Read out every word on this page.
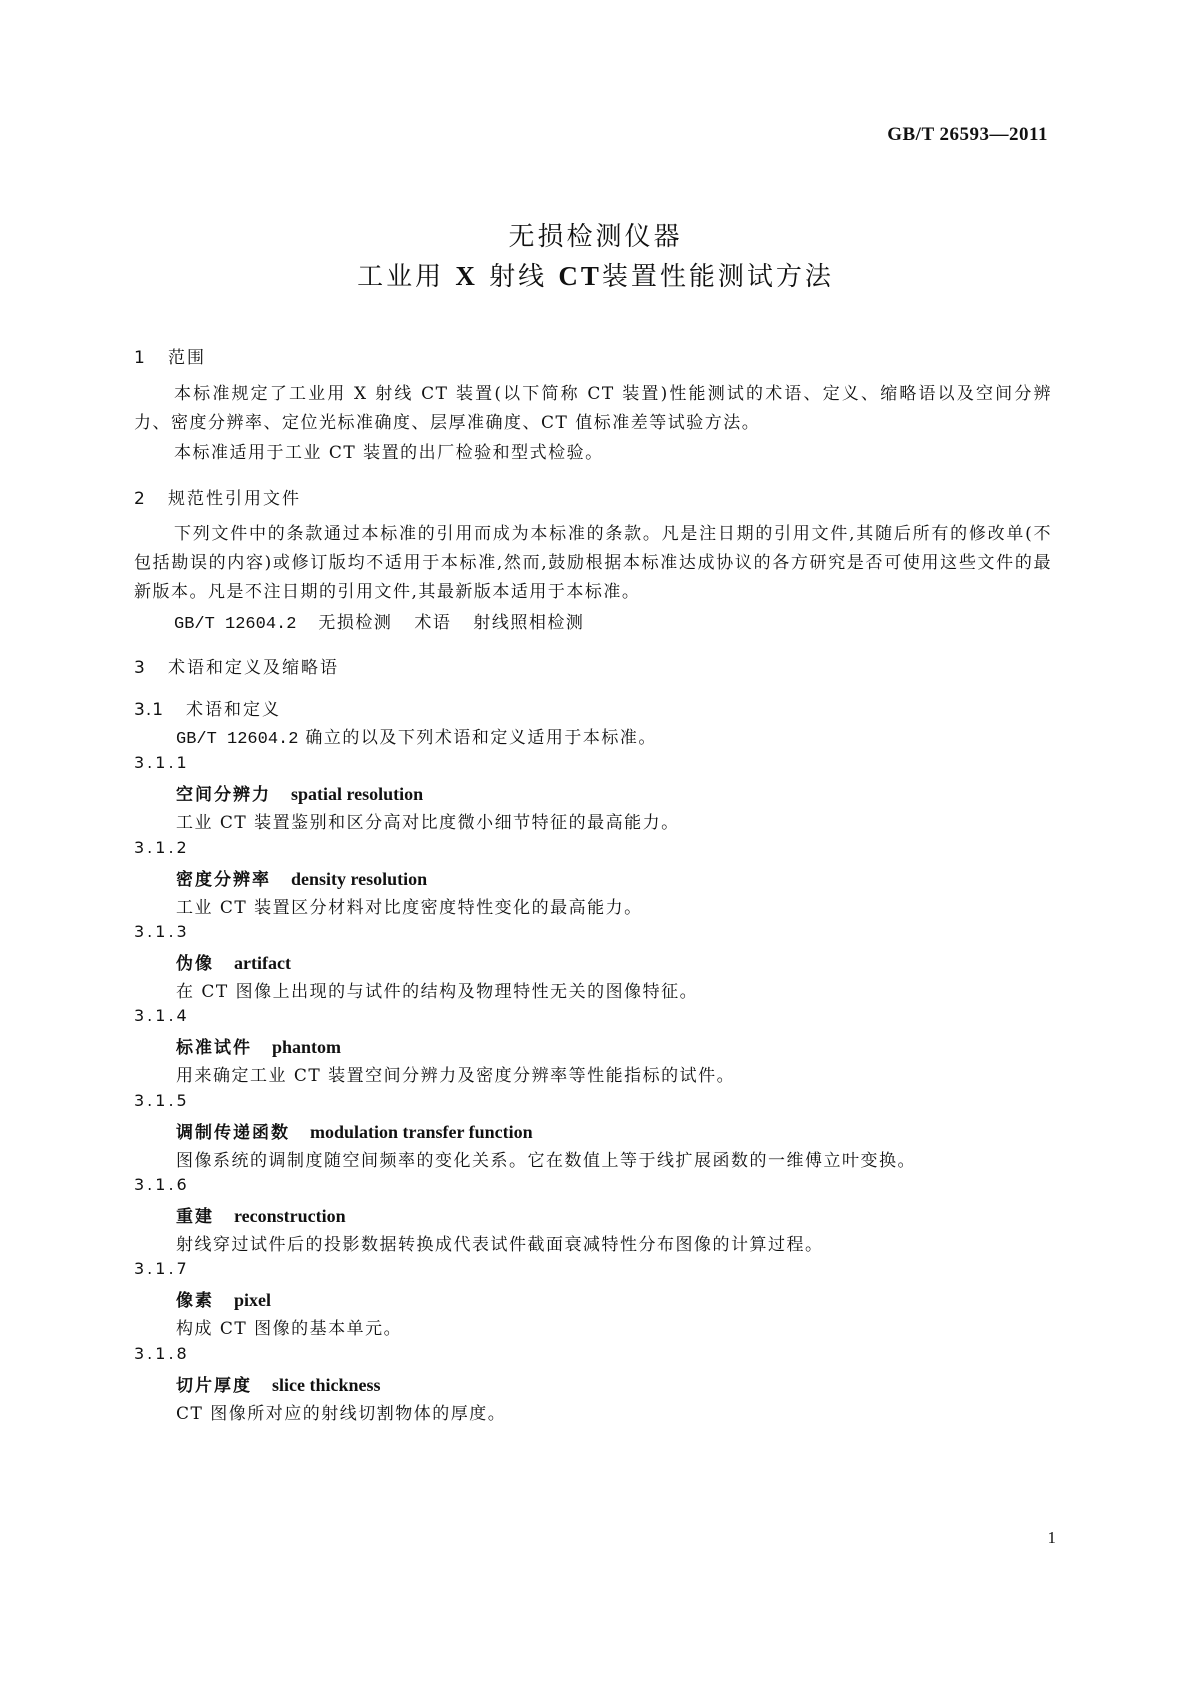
GB/T 26593—2011
无损检测仪器
工业用 X 射线 CT装置性能测试方法
1 范围
本标准规定了工业用 X 射线 CT 装置(以下简称 CT 装置)性能测试的术语、定义、缩略语以及空间分辨力、密度分辨率、定位光标准确度、层厚准确度、CT 值标准差等试验方法。
本标准适用于工业 CT 装置的出厂检验和型式检验。
2 规范性引用文件
下列文件中的条款通过本标准的引用而成为本标准的条款。凡是注日期的引用文件,其随后所有的修改单(不包括勘误的内容)或修订版均不适用于本标准,然而,鼓励根据本标准达成协议的各方研究是否可使用这些文件的最新版本。凡是不注日期的引用文件,其最新版本适用于本标准。
GB/T 12604.2 无损检测 术语 射线照相检测
3 术语和定义及缩略语
3.1 术语和定义
GB/T 12604.2 确立的以及下列术语和定义适用于本标准。
3.1.1
空间分辨力 spatial resolution
工业 CT 装置鉴别和区分高对比度微小细节特征的最高能力。
3.1.2
密度分辨率 density resolution
工业 CT 装置区分材料对比度密度特性变化的最高能力。
3.1.3
伪像 artifact
在 CT 图像上出现的与试件的结构及物理特性无关的图像特征。
3.1.4
标准试件 phantom
用来确定工业 CT 装置空间分辨力及密度分辨率等性能指标的试件。
3.1.5
调制传递函数 modulation transfer function
图像系统的调制度随空间频率的变化关系。它在数值上等于线扩展函数的一维傅立叶变换。
3.1.6
重建 reconstruction
射线穿过试件后的投影数据转换成代表试件截面衰减特性分布图像的计算过程。
3.1.7
像素 pixel
构成 CT 图像的基本单元。
3.1.8
切片厚度 slice thickness
CT 图像所对应的射线切割物体的厚度。
1
